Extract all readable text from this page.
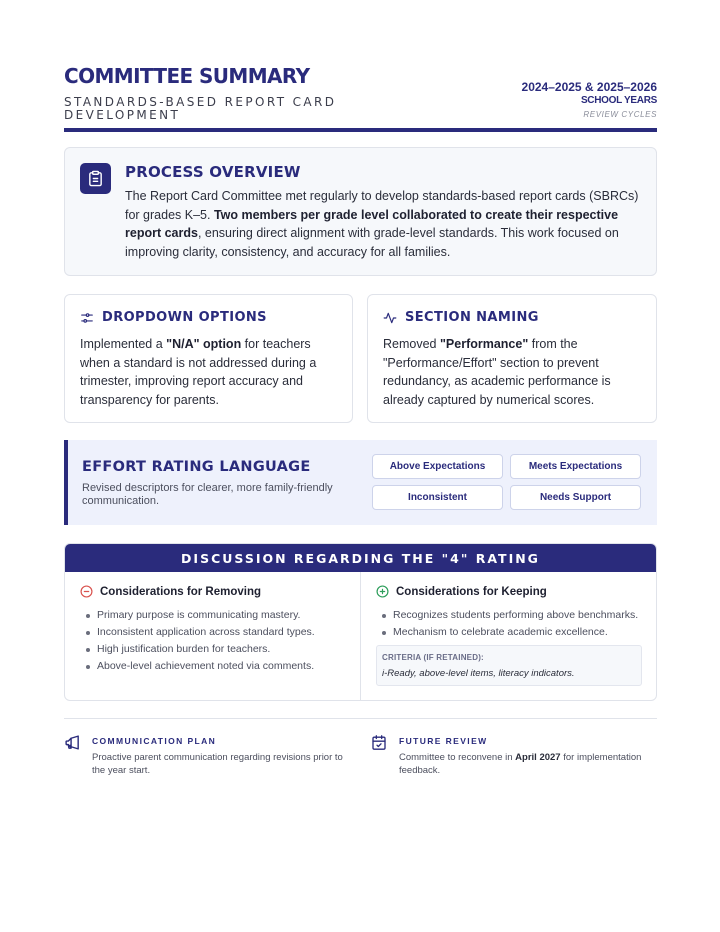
COMMITTEE SUMMARY
STANDARDS-BASED REPORT CARD DEVELOPMENT
2024–2025 & 2025–2026
SCHOOL YEARS
REVIEW CYCLES
PROCESS OVERVIEW
The Report Card Committee met regularly to develop standards-based report cards (SBRCs) for grades K–5. Two members per grade level collaborated to create their respective report cards, ensuring direct alignment with grade-level standards. This work focused on improving clarity, consistency, and accuracy for all families.
DROPDOWN OPTIONS
Implemented a "N/A" option for teachers when a standard is not addressed during a trimester, improving report accuracy and transparency for parents.
SECTION NAMING
Removed "Performance" from the "Performance/Effort" section to prevent redundancy, as academic performance is already captured by numerical scores.
EFFORT RATING LANGUAGE
Revised descriptors for clearer, more family-friendly communication.
Above Expectations	Meets Expectations
Inconsistent	Needs Support
DISCUSSION REGARDING THE "4" RATING
Considerations for Removing
Primary purpose is communicating mastery.
Inconsistent application across standard types.
High justification burden for teachers.
Above-level achievement noted via comments.
Considerations for Keeping
Recognizes students performing above benchmarks.
Mechanism to celebrate academic excellence.
CRITERIA (IF RETAINED):
i-Ready, above-level items, literacy indicators.
COMMUNICATION PLAN
Proactive parent communication regarding revisions prior to the year start.
FUTURE REVIEW
Committee to reconvene in April 2027 for implementation feedback.
